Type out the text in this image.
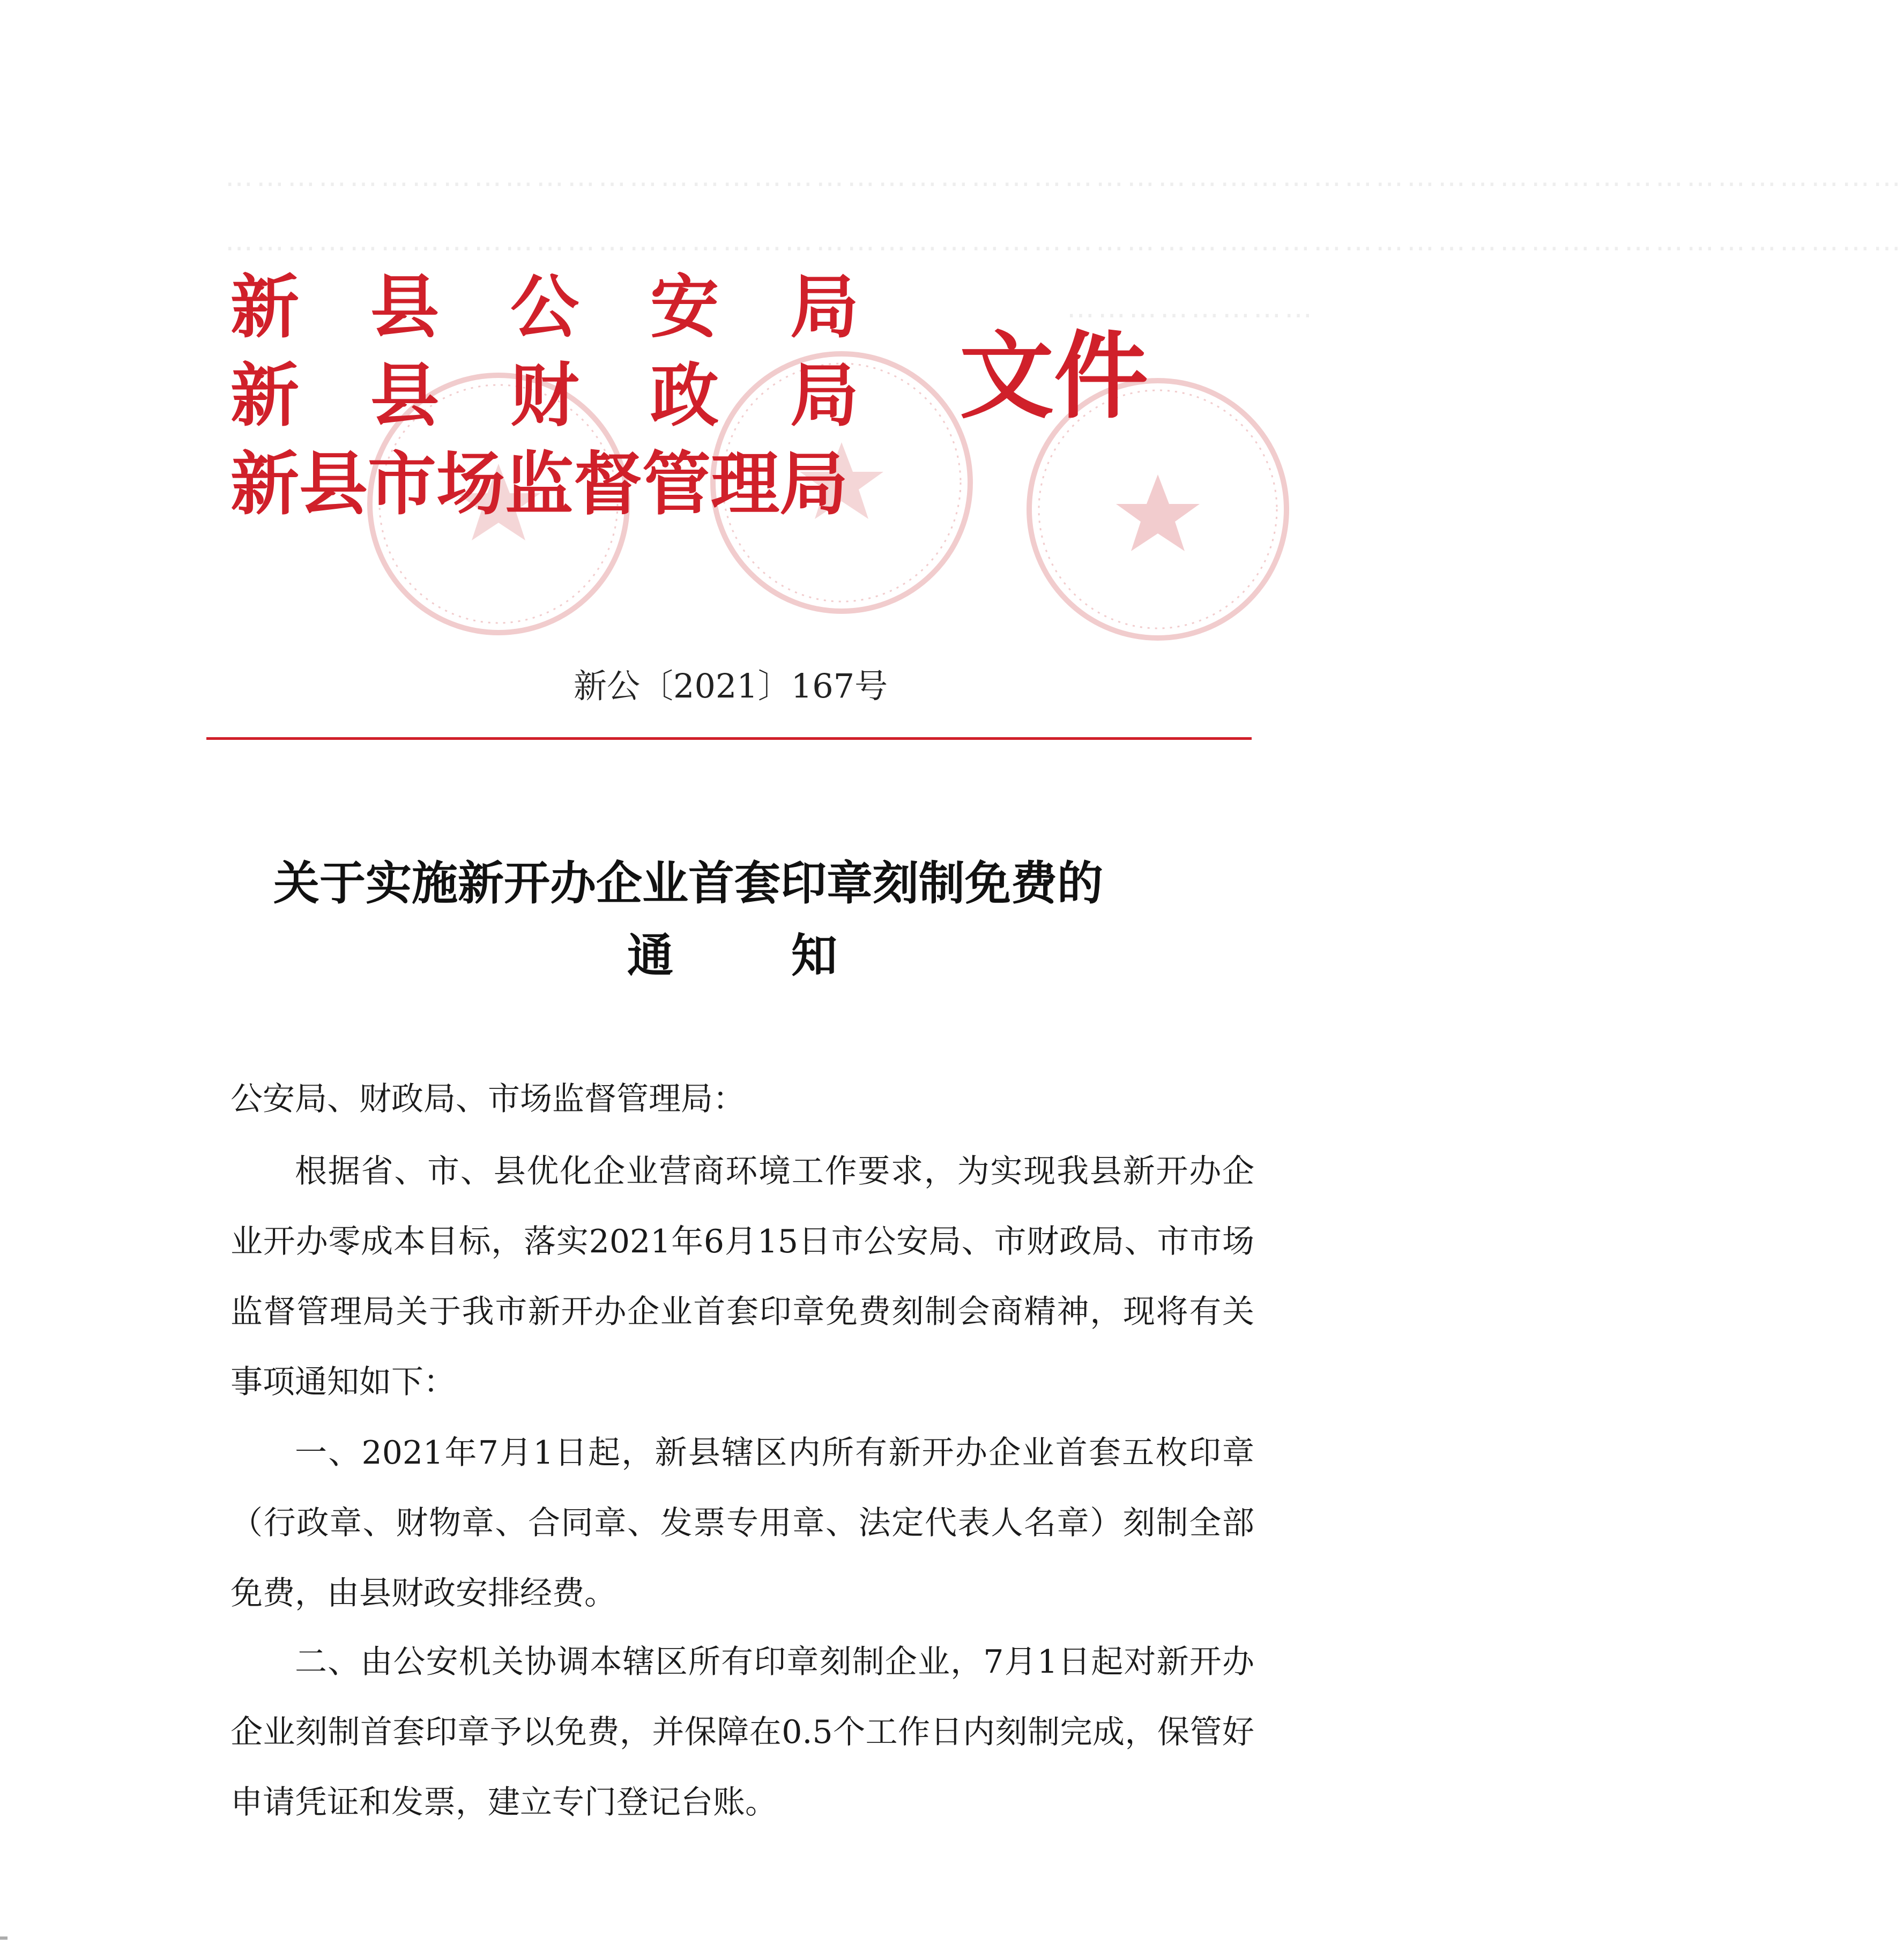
………………………………………………………………………………………………………………………………………………
………………………………………………………………………………………………………………………………………………
……………………
新县公安局
新县财政局
新县市场监督管理局
文件
新公〔2021〕167号
关于实施新开办企业首套印章刻制免费的
通知
公安局、财政局、市场监督管理局：
根据省、市、县优化企业营商环境工作要求，为实现我县新开办企业开办零成本目标，落实2021年6月15日市公安局、市财政局、市市场监督管理局关于我市新开办企业首套印章免费刻制会商精神，现将有关事项通知如下：
一、2021年7月1日起，新县辖区内所有新开办企业首套五枚印章（行政章、财物章、合同章、发票专用章、法定代表人名章）刻制全部免费，由县财政安排经费。
二、由公安机关协调本辖区所有印章刻制企业，7月1日起对新开办企业刻制首套印章予以免费，并保障在0.5个工作日内刻制完成，保管好申请凭证和发票，建立专门登记台账。
